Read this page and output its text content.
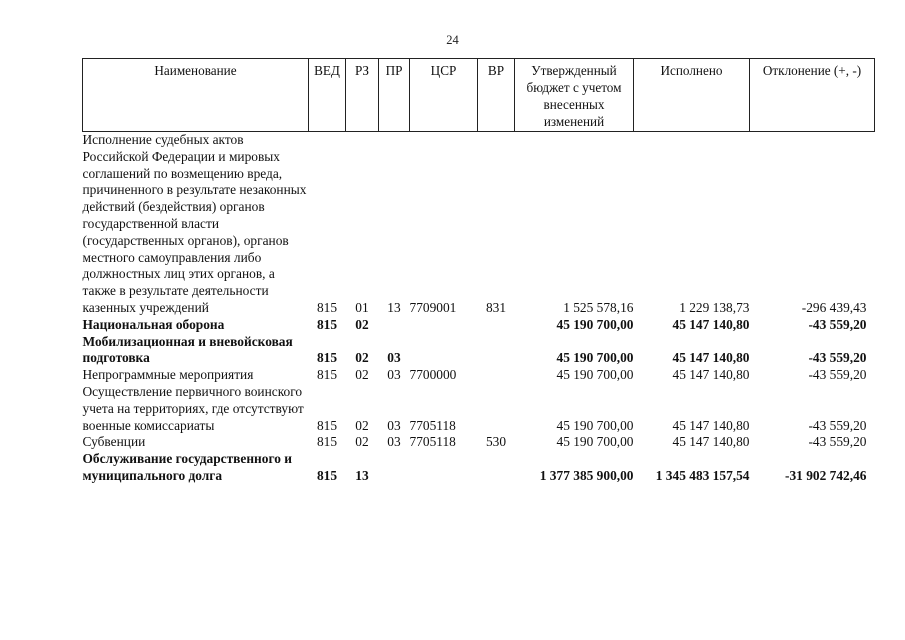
24
Наименование	ВЕД	РЗ	ПР	ЦСР	ВР	Утвержденный бюджет с учетом внесенных изменений	Исполнено	Отклонение (+, -)
Исполнение судебных актов Российской Федерации и мировых соглашений по возмещению вреда, причиненного в результате незаконных действий (бездействия) органов государственной власти (государственных органов), органов местного самоуправления либо должностных лиц этих органов, а также в результате деятельности казенных учреждений	815	01	13	7709001	831	1 525 578,16	1 229 138,73	-296 439,43
Национальная оборона	815	02				45 190 700,00	45 147 140,80	-43 559,20
Мобилизационная и вневойсковая подготовка	815	02	03			45 190 700,00	45 147 140,80	-43 559,20
Непрограммные мероприятия	815	02	03	7700000		45 190 700,00	45 147 140,80	-43 559,20
Осуществление первичного воинского учета на территориях, где отсутствуют военные комиссариаты	815	02	03	7705118		45 190 700,00	45 147 140,80	-43 559,20
Субвенции	815	02	03	7705118	530	45 190 700,00	45 147 140,80	-43 559,20
Обслуживание государственного и муниципального долга	815	13				1 377 385 900,00	1 345 483 157,54	-31 902 742,46
